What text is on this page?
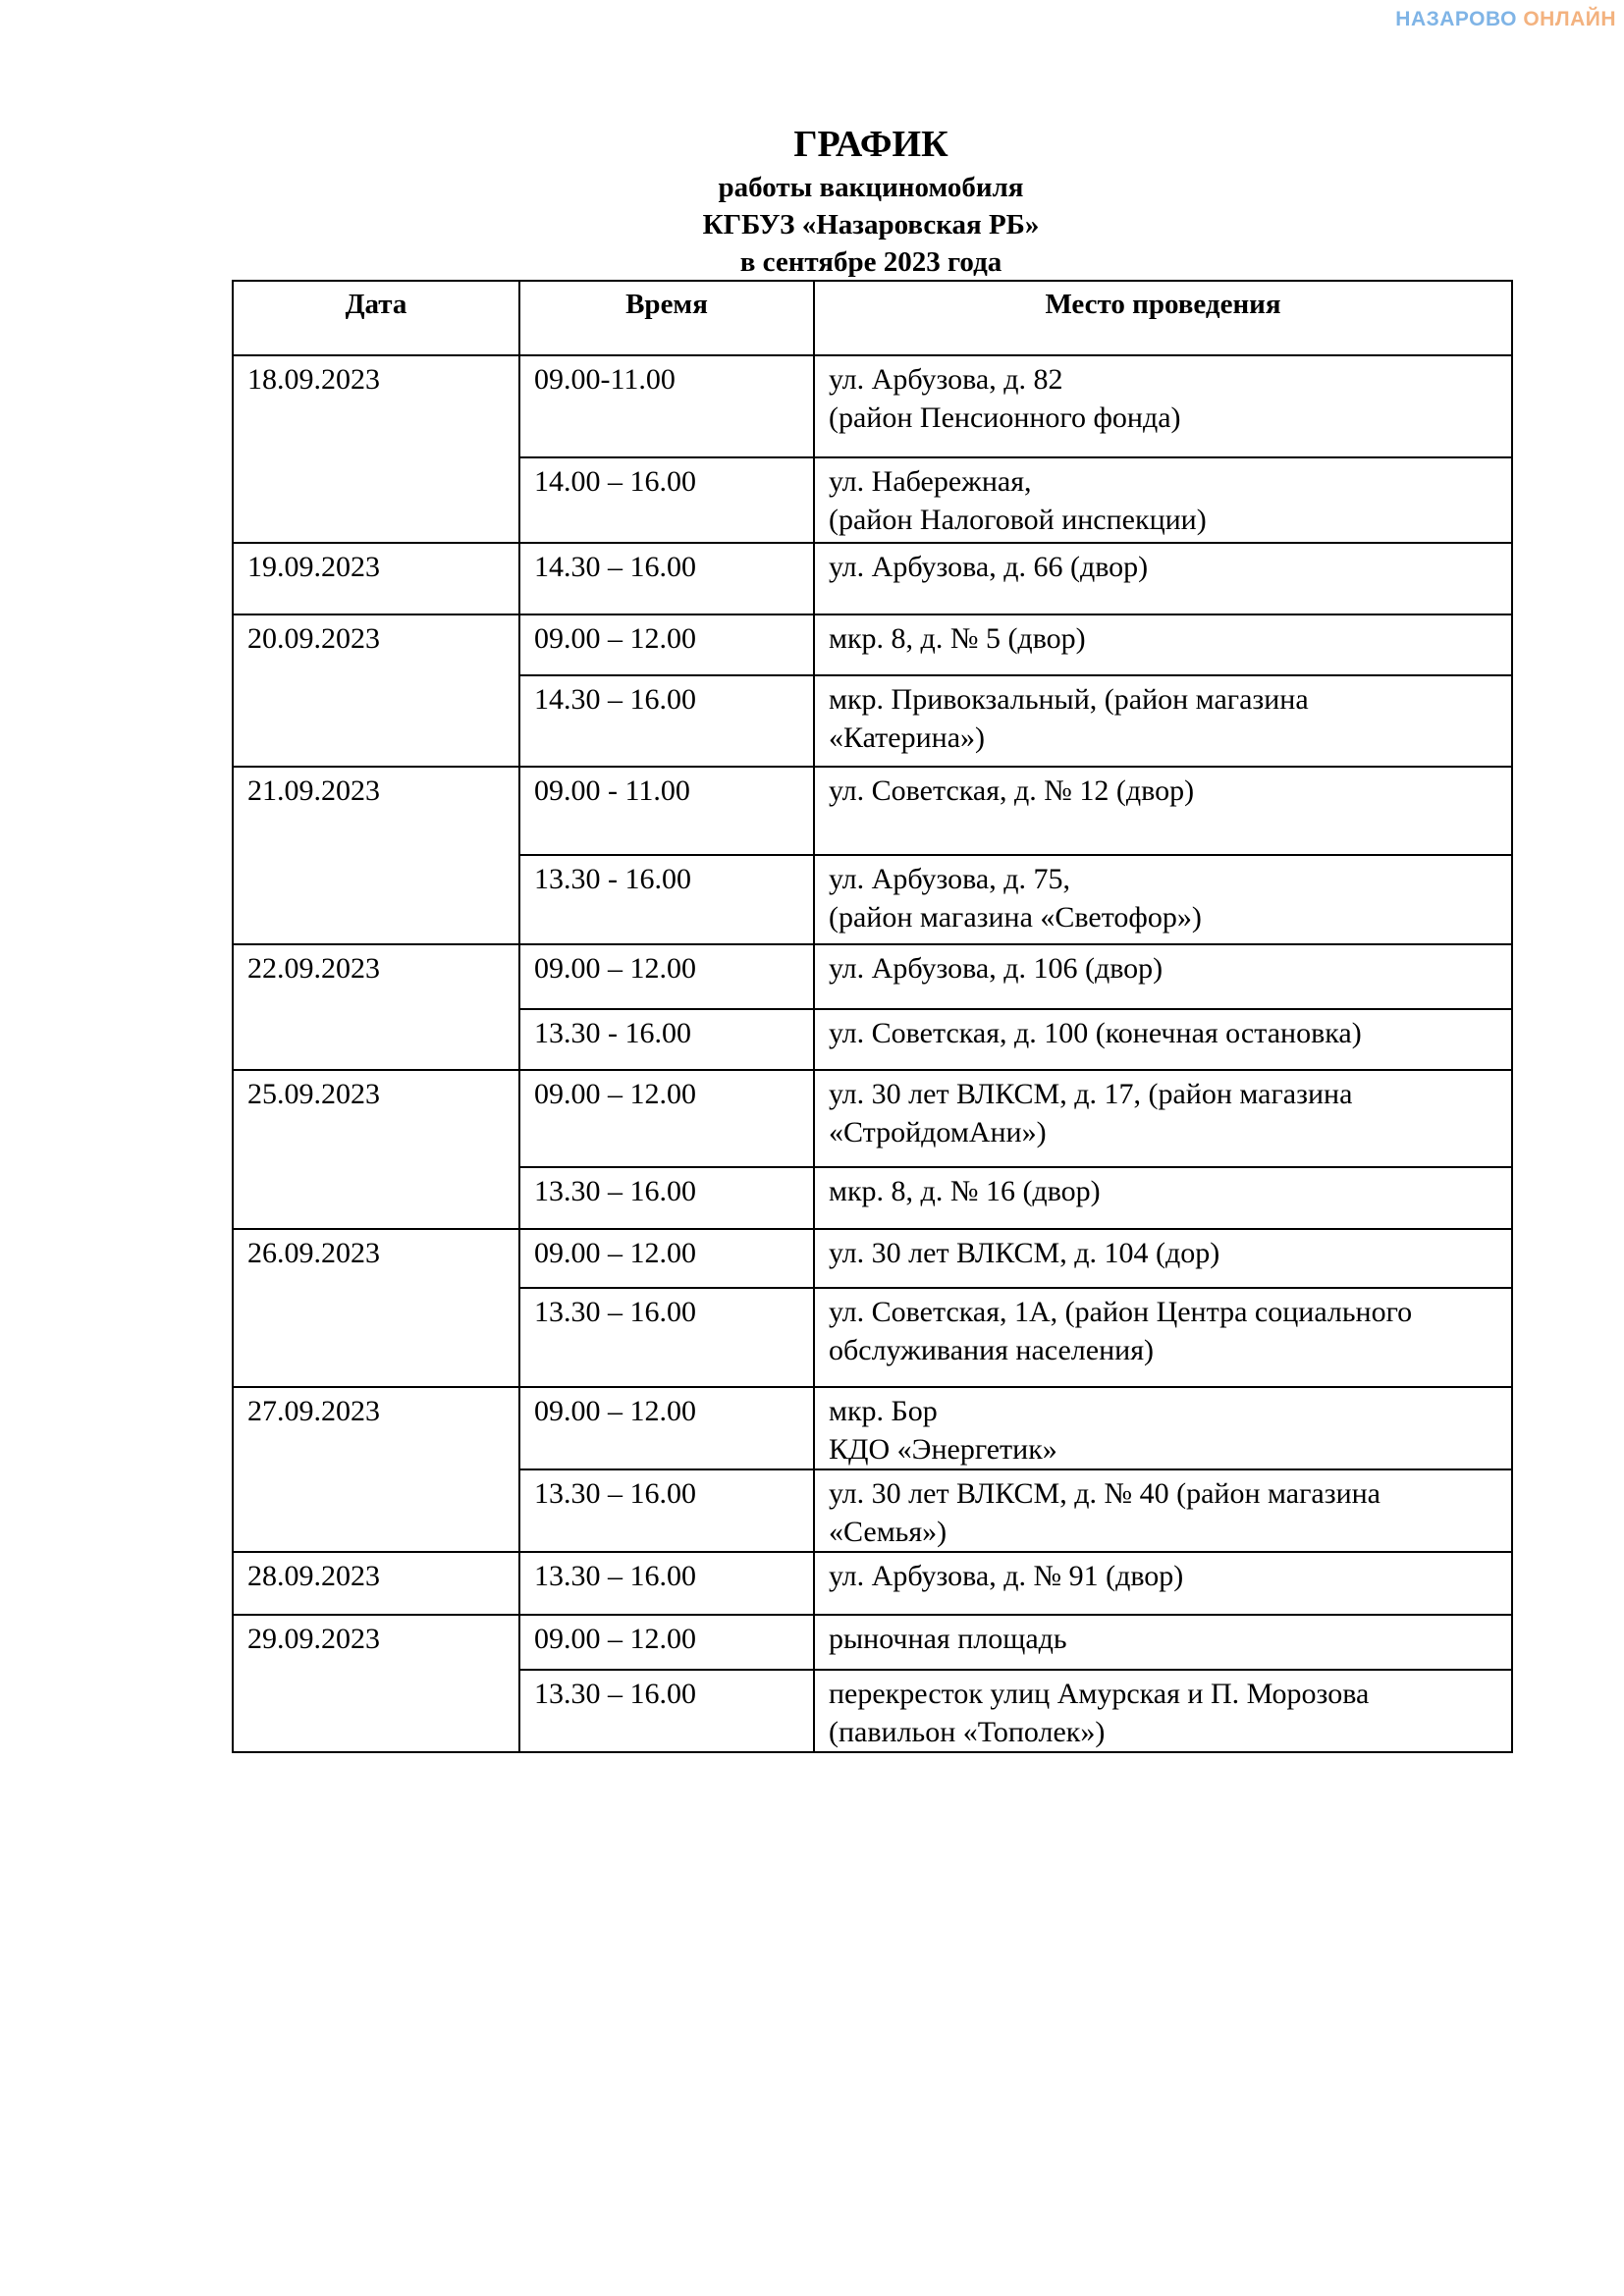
НАЗАРОВО ОНЛАЙН
ГРАФИК
работы вакциномобиля
КГБУЗ «Назаровская РБ»
в сентябре 2023 года
Дата	Время	Место проведения
18.09.2023	09.00-11.00	ул. Арбузова, д. 82
(район Пенсионного фонда)

	14.00 – 16.00	ул. Набережная,
(район Налоговой инспекции)

19.09.2023	14.30 – 16.00	ул. Арбузова, д. 66 (двор)

20.09.2023	09.00 – 12.00	мкр. 8, д. № 5 (двор)

	14.30 – 16.00	мкр. Привокзальный, (район магазина
«Катерина»)

21.09.2023	09.00 - 11.00	ул. Советская, д. № 12 (двор)

	13.30 - 16.00	ул. Арбузова, д. 75,
(район магазина «Светофор»)

22.09.2023	09.00 – 12.00	ул. Арбузова, д. 106 (двор)

	13.30 - 16.00	ул. Советская, д. 100 (конечная остановка)

25.09.2023	09.00 – 12.00	ул. 30 лет ВЛКСМ, д. 17, (район магазина
«СтройдомАни»)

	13.30 – 16.00	мкр. 8, д. № 16 (двор)

26.09.2023	09.00 – 12.00	ул. 30 лет ВЛКСМ, д. 104 (дор)

	13.30 – 16.00	ул. Советская, 1А, (район Центра социального
обслуживания населения)

27.09.2023	09.00 – 12.00	мкр. Бор
КДО «Энергетик»

	13.30 – 16.00	ул. 30 лет ВЛКСМ, д. № 40 (район магазина
«Семья»)

28.09.2023	13.30 – 16.00	ул. Арбузова, д. № 91 (двор)

29.09.2023	09.00 – 12.00	рыночная площадь

	13.30 – 16.00	перекресток улиц Амурская и П. Морозова
(павильон «Тополек»)
